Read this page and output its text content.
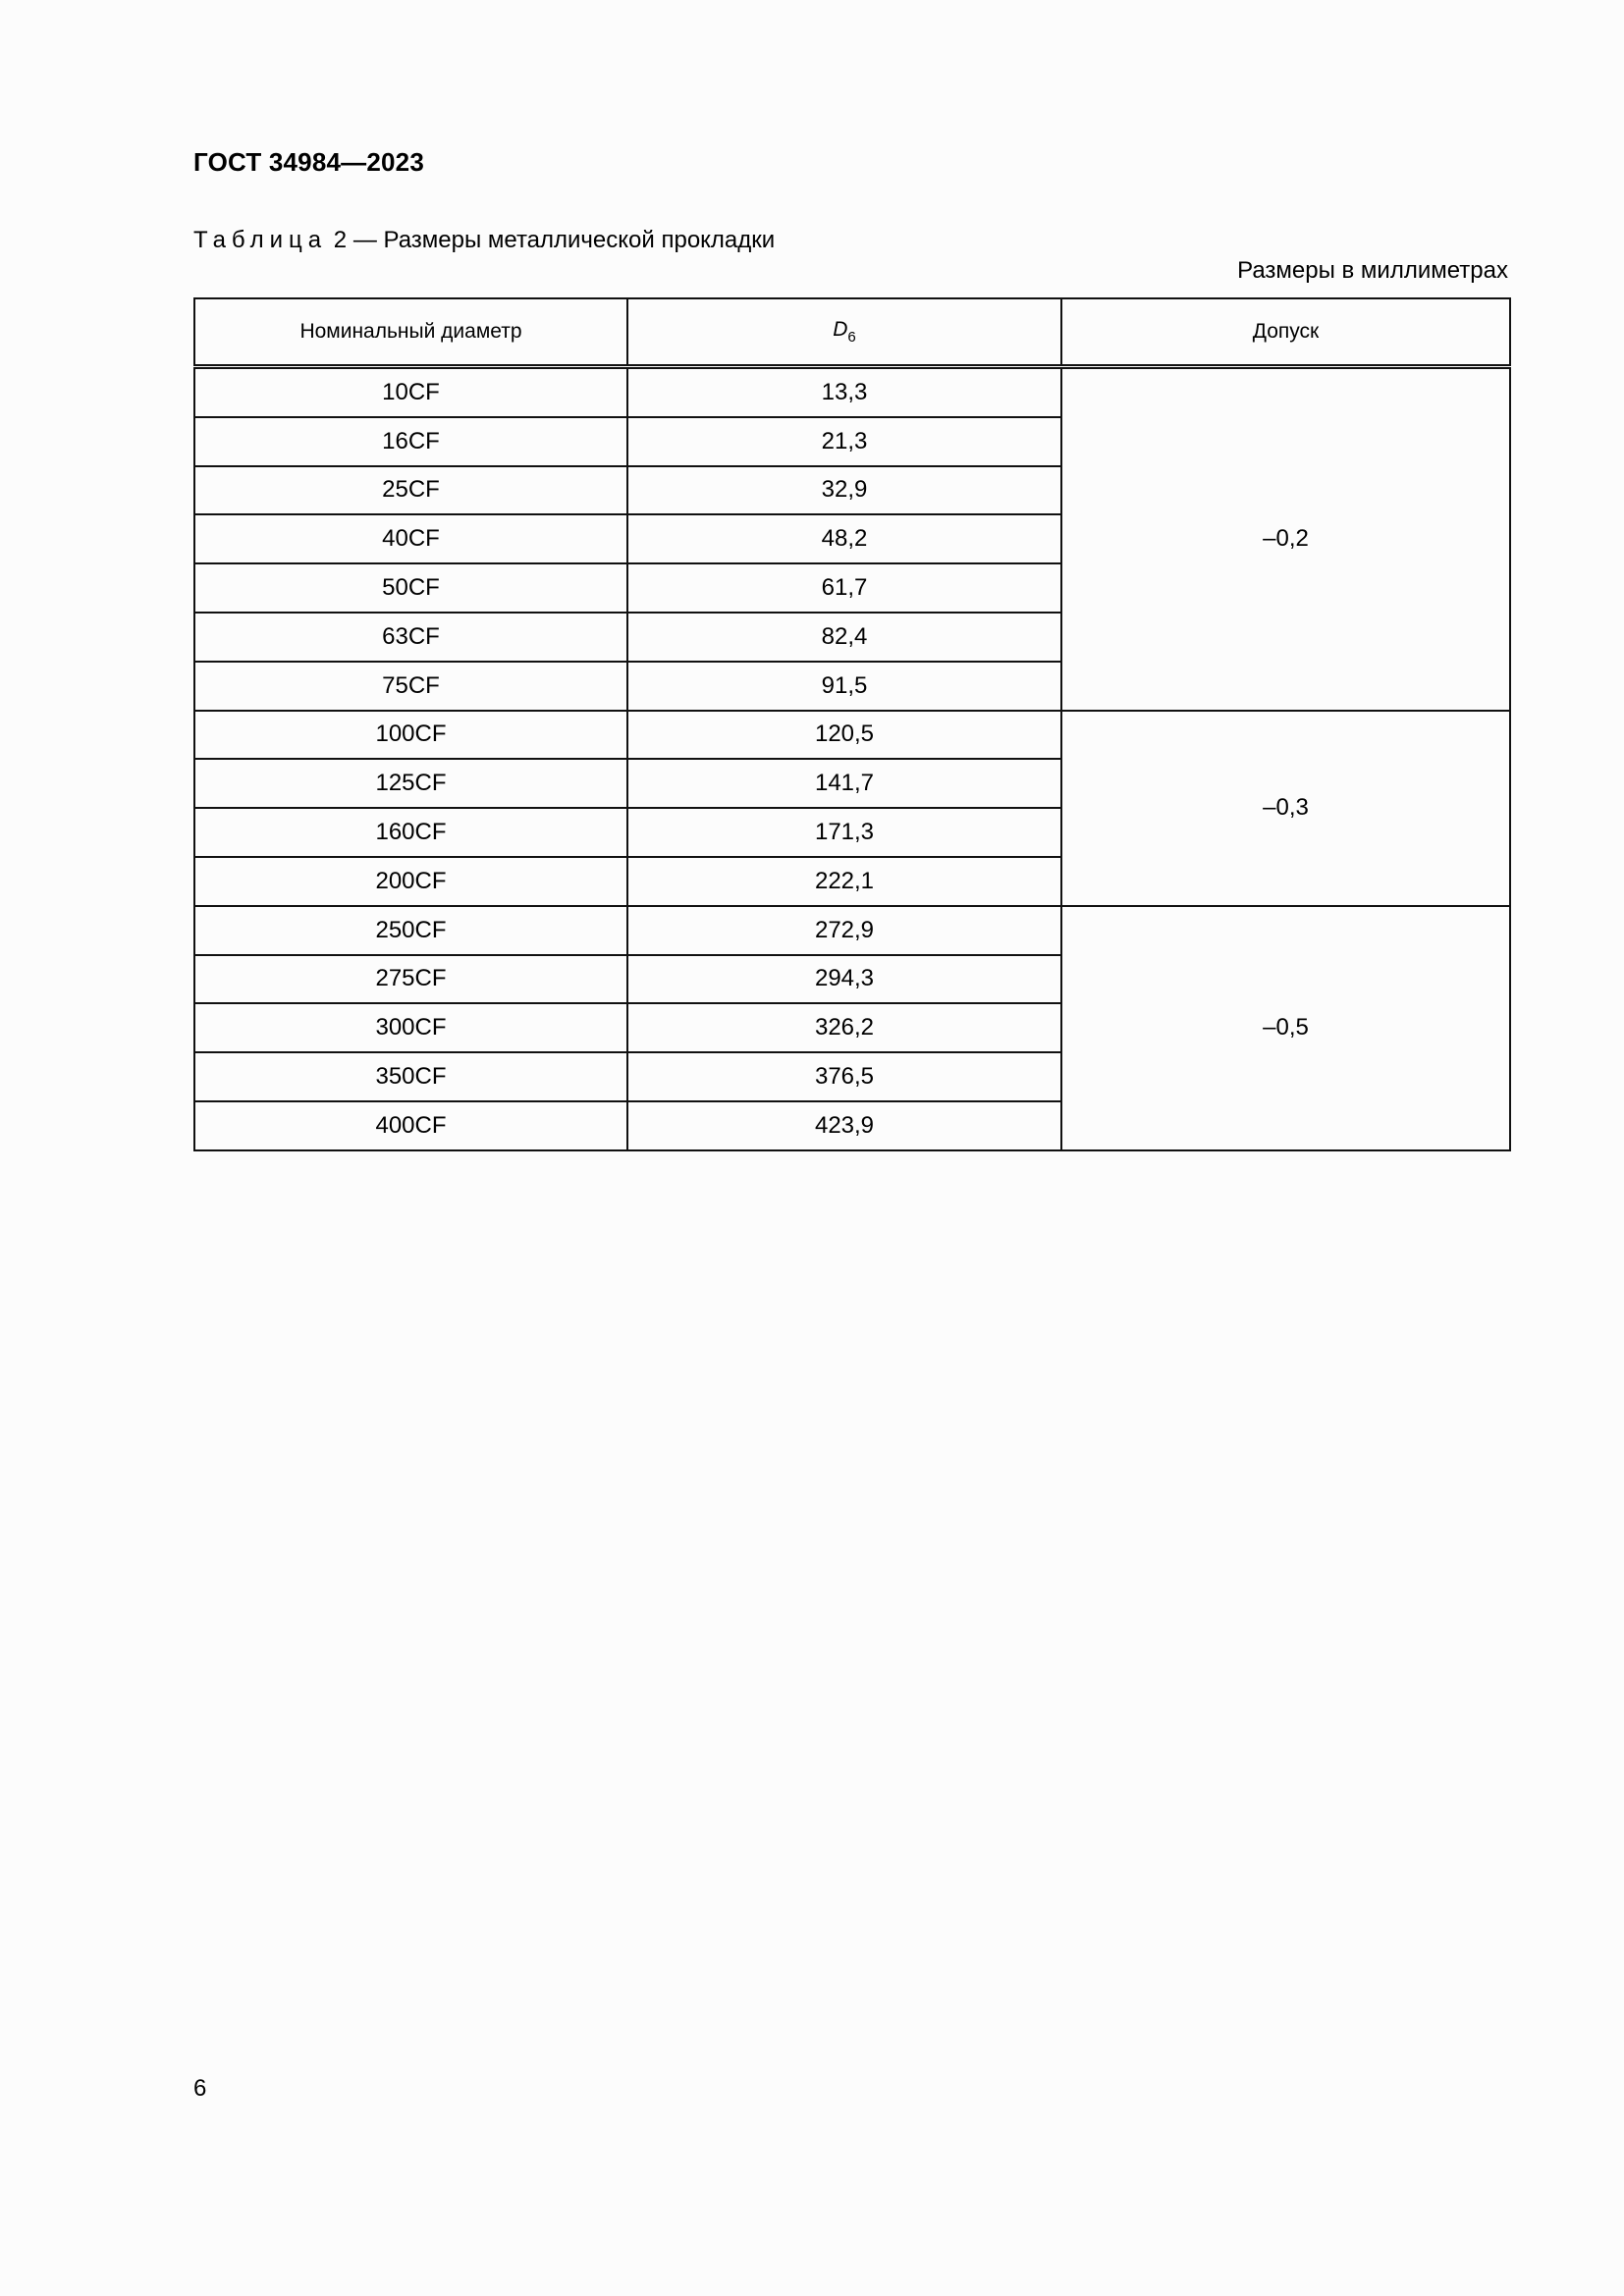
ГОСТ 34984—2023
Таблица 2 — Размеры металлической прокладки
Размеры в миллиметрах
Номинальный диаметр	$D_6$	Допуск
10CF	13,3	–0,2
16CF	21,3	
25CF	32,9	
40CF	48,2	
50CF	61,7	
63CF	82,4	
75CF	91,5	
100CF	120,5	–0,3
125CF	141,7	
160CF	171,3	
200CF	222,1	
250CF	272,9	–0,5
275CF	294,3	
300CF	326,2	
350CF	376,5	
400CF	423,9	
6
